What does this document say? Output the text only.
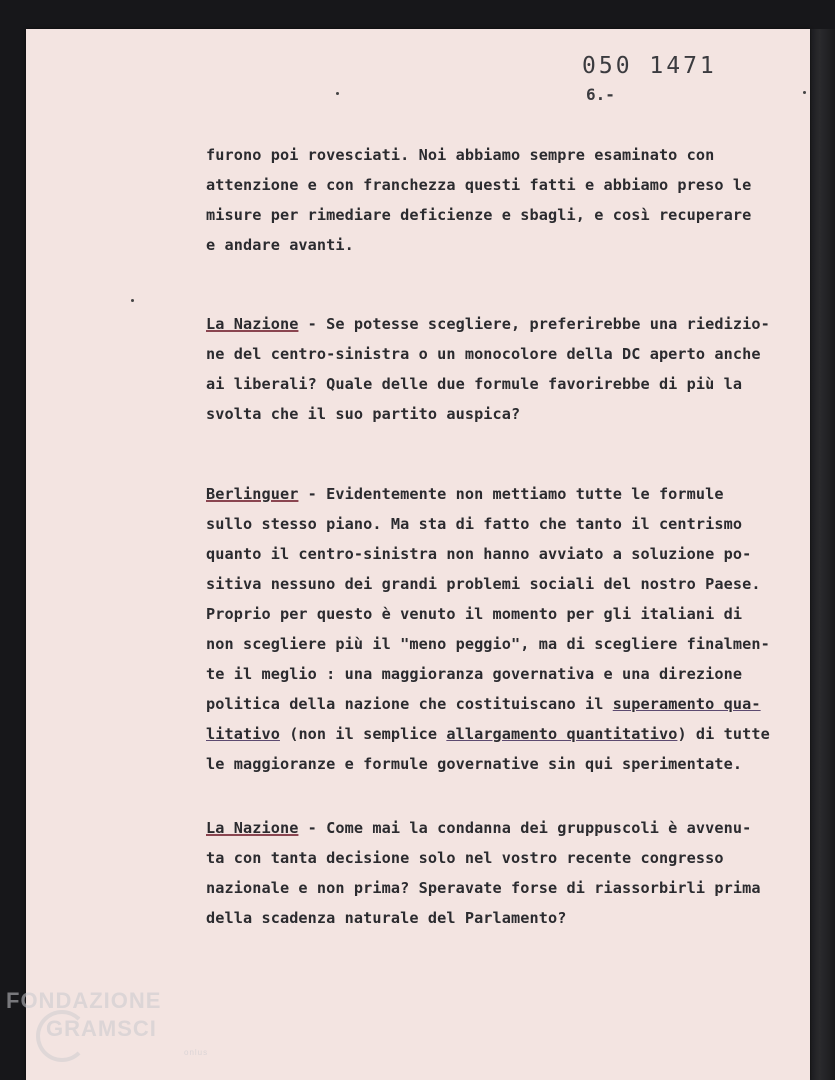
050 1471
6.-
furono poi rovesciati. Noi abbiamo sempre esaminato con
attenzione e con franchezza questi fatti e abbiamo preso le
misure per rimediare deficienze e sbagli, e così recuperare
e andare avanti.
La Nazione - Se potesse scegliere, preferirebbe una riedizio-
ne del centro-sinistra o un monocolore della DC aperto anche
ai liberali? Quale delle due formule favorirebbe di più la
svolta che il suo partito auspica?
Berlinguer - Evidentemente non mettiamo tutte le formule
sullo stesso piano. Ma sta di fatto che tanto il centrismo
quanto il centro-sinistra non hanno avviato a soluzione po-
sitiva nessuno dei grandi problemi sociali del nostro Paese.
Proprio per questo è venuto il momento per gli italiani di
non scegliere più il "meno peggio", ma di scegliere finalmen-
te il meglio : una maggioranza governativa e una direzione
politica della nazione che costituiscano il superamento qua-
litativo (non il semplice allargamento quantitativo) di tutte
le maggioranze e formule governative sin qui sperimentate.
La Nazione - Come mai la condanna dei gruppuscoli è avvenu-
ta con tanta decisione solo nel vostro recente congresso
nazionale e non prima? Speravate forse di riassorbirli prima
della scadenza naturale del Parlamento?
FONDAZIONE
GRAMSCI
onlus
